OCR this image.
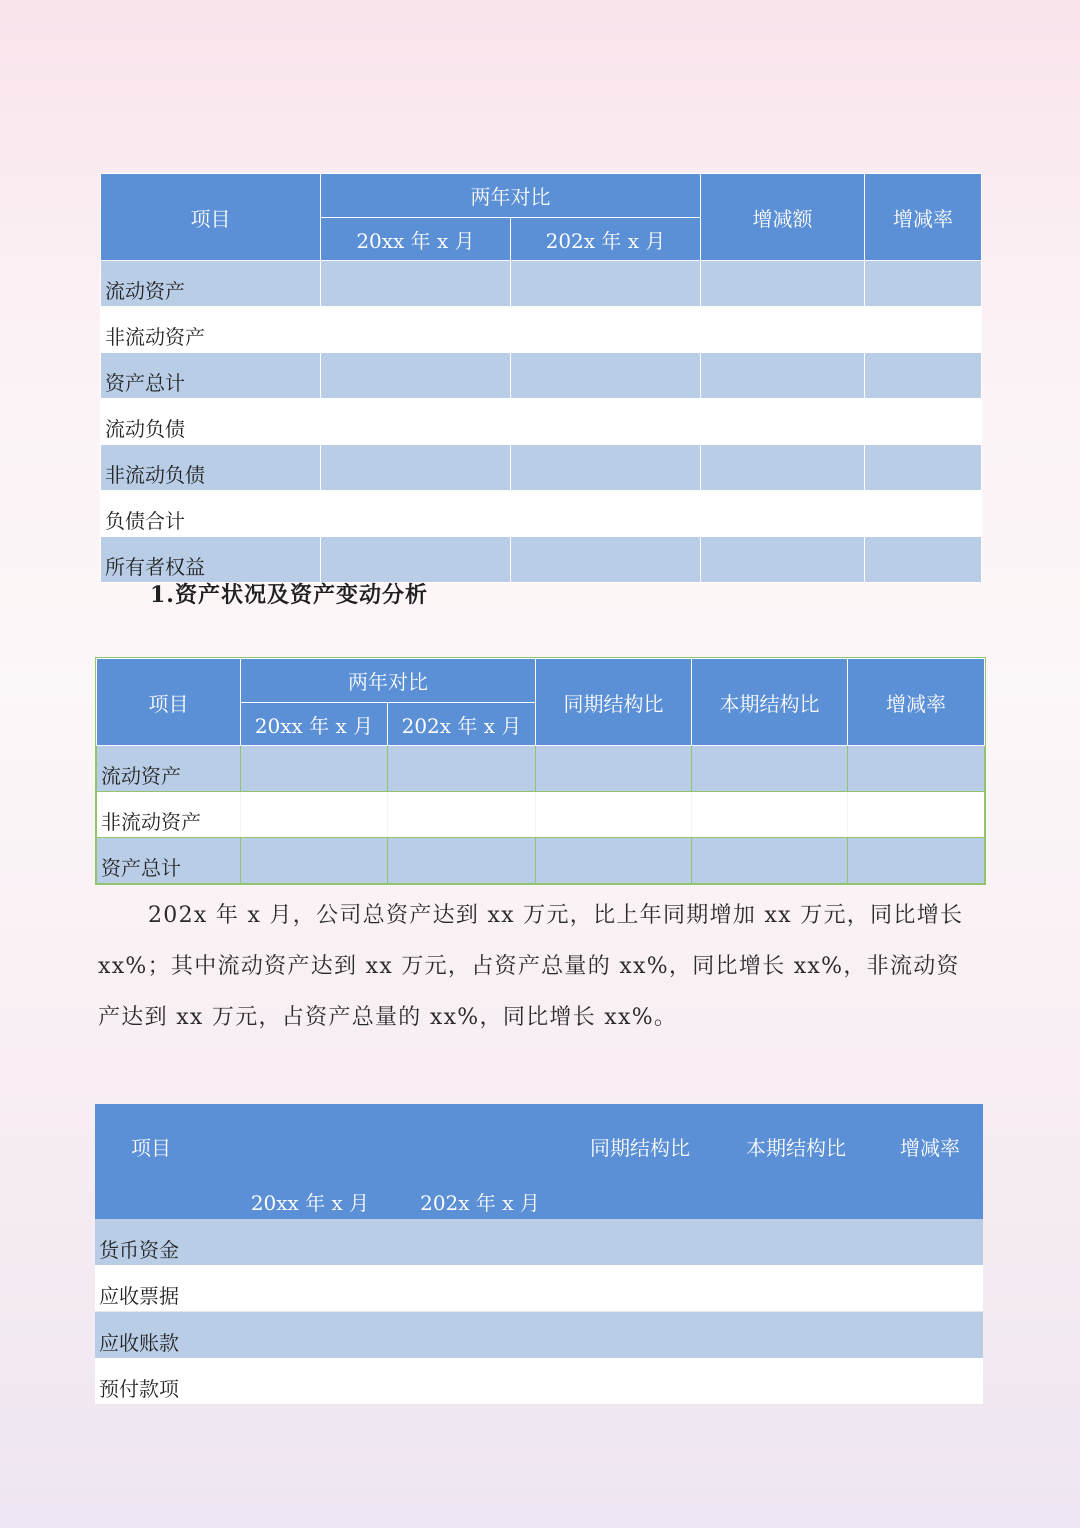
项目	两年对比		增减额	增减率
	20xx 年 x 月	202x 年 x 月		
流动资产				
非流动资产				
资产总计				
流动负债				
非流动负债				
负债合计				
所有者权益				
1.资产状况及资产变动分析
项目	两年对比		同期结构比	本期结构比	增减率
	20xx 年 x 月	202x 年 x 月			
流动资产					
非流动资产					
资产总计					

202x 年 x 月，公司总资产达到 xx 万元，比上年同期增加 xx 万元，同比增长 xx%；其中流动资产达到 xx 万元，占资产总量的 xx%，同比增长 xx%，非流动资产达到 xx 万元，占资产总量的 xx%，同比增长 xx%。

项目	20xx 年 x 月	202x 年 x 月	同期结构比	本期结构比	增减率
货币资金					
应收票据					
应收账款					
预付款项					
